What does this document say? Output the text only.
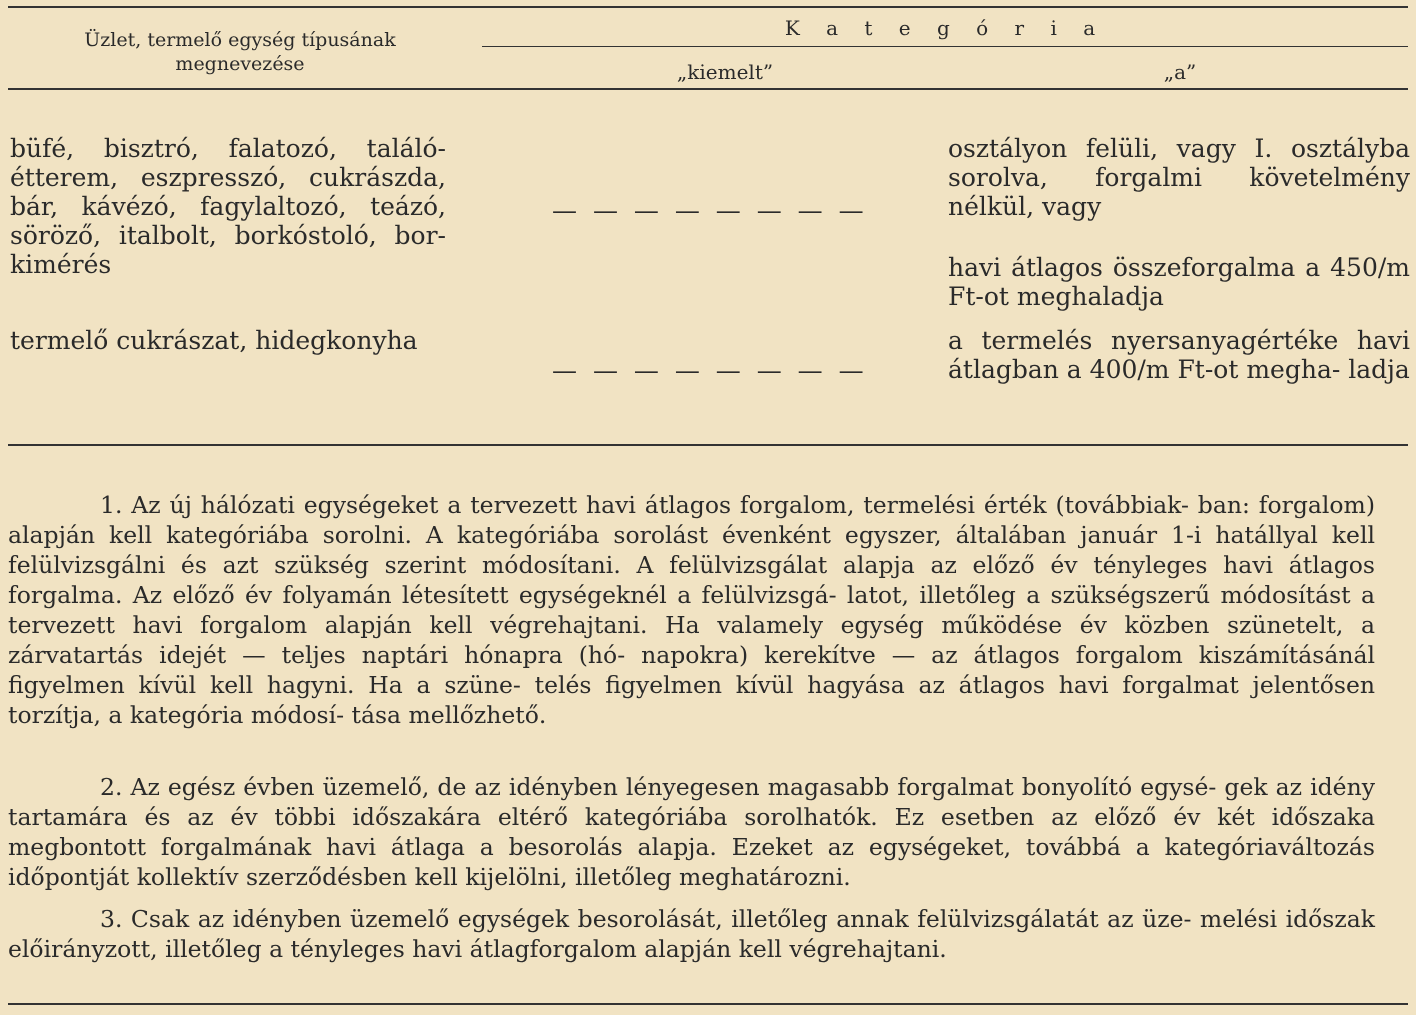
Üzlet, termelő egység típusának megnevezése
K a t e g ó r i a
„kiemelt”	„a”
büfé, bisztró, falatozó, találó- étterem, eszpresszó, cukrászda, bár, kávézó, fagylaltozó, teázó, söröző, italbolt, borkóstoló, bor- kimérés
— — — — — — — —
osztályon felüli, vagy I. osztályba sorolva, forgalmi követelmény nélkül, vagy
havi átlagos összeforgalma a 450/m Ft-ot meghaladja
termelő cukrászat, hidegkonyha
— — — — — — — —
a termelés nyersanyagértéke havi átlagban a 400/m Ft-ot megha- ladja

1. Az új hálózati egységeket a tervezett havi átlagos forgalom, termelési érték (továbbiak- ban: forgalom) alapján kell kategóriába sorolni. A kategóriába sorolást évenként egyszer, általában január 1-i hatállyal kell felülvizsgálni és azt szükség szerint módosítani. A felülvizsgálat alapja az előző év tényleges havi átlagos forgalma. Az előző év folyamán létesített egységeknél a felülvizsgá- latot, illetőleg a szükségszerű módosítást a tervezett havi forgalom alapján kell végrehajtani. Ha valamely egység működése év közben szünetelt, a zárvatartás idejét — teljes naptári hónapra (hó- napokra) kerekítve — az átlagos forgalom kiszámításánál figyelmen kívül kell hagyni. Ha a szüne- telés figyelmen kívül hagyása az átlagos havi forgalmat jelentősen torzítja, a kategória módosí- tása mellőzhető.

2. Az egész évben üzemelő, de az idényben lényegesen magasabb forgalmat bonyolító egysé- gek az idény tartamára és az év többi időszakára eltérő kategóriába sorolhatók. Ez esetben az előző év két időszaka megbontott forgalmának havi átlaga a besorolás alapja. Ezeket az egységeket, továbbá a kategóriaváltozás időpontját kollektív szerződésben kell kijelölni, illetőleg meghatározni.

3. Csak az idényben üzemelő egységek besorolását, illetőleg annak felülvizsgálatát az üze- melési időszak előirányzott, illetőleg a tényleges havi átlagforgalom alapján kell végrehajtani.
